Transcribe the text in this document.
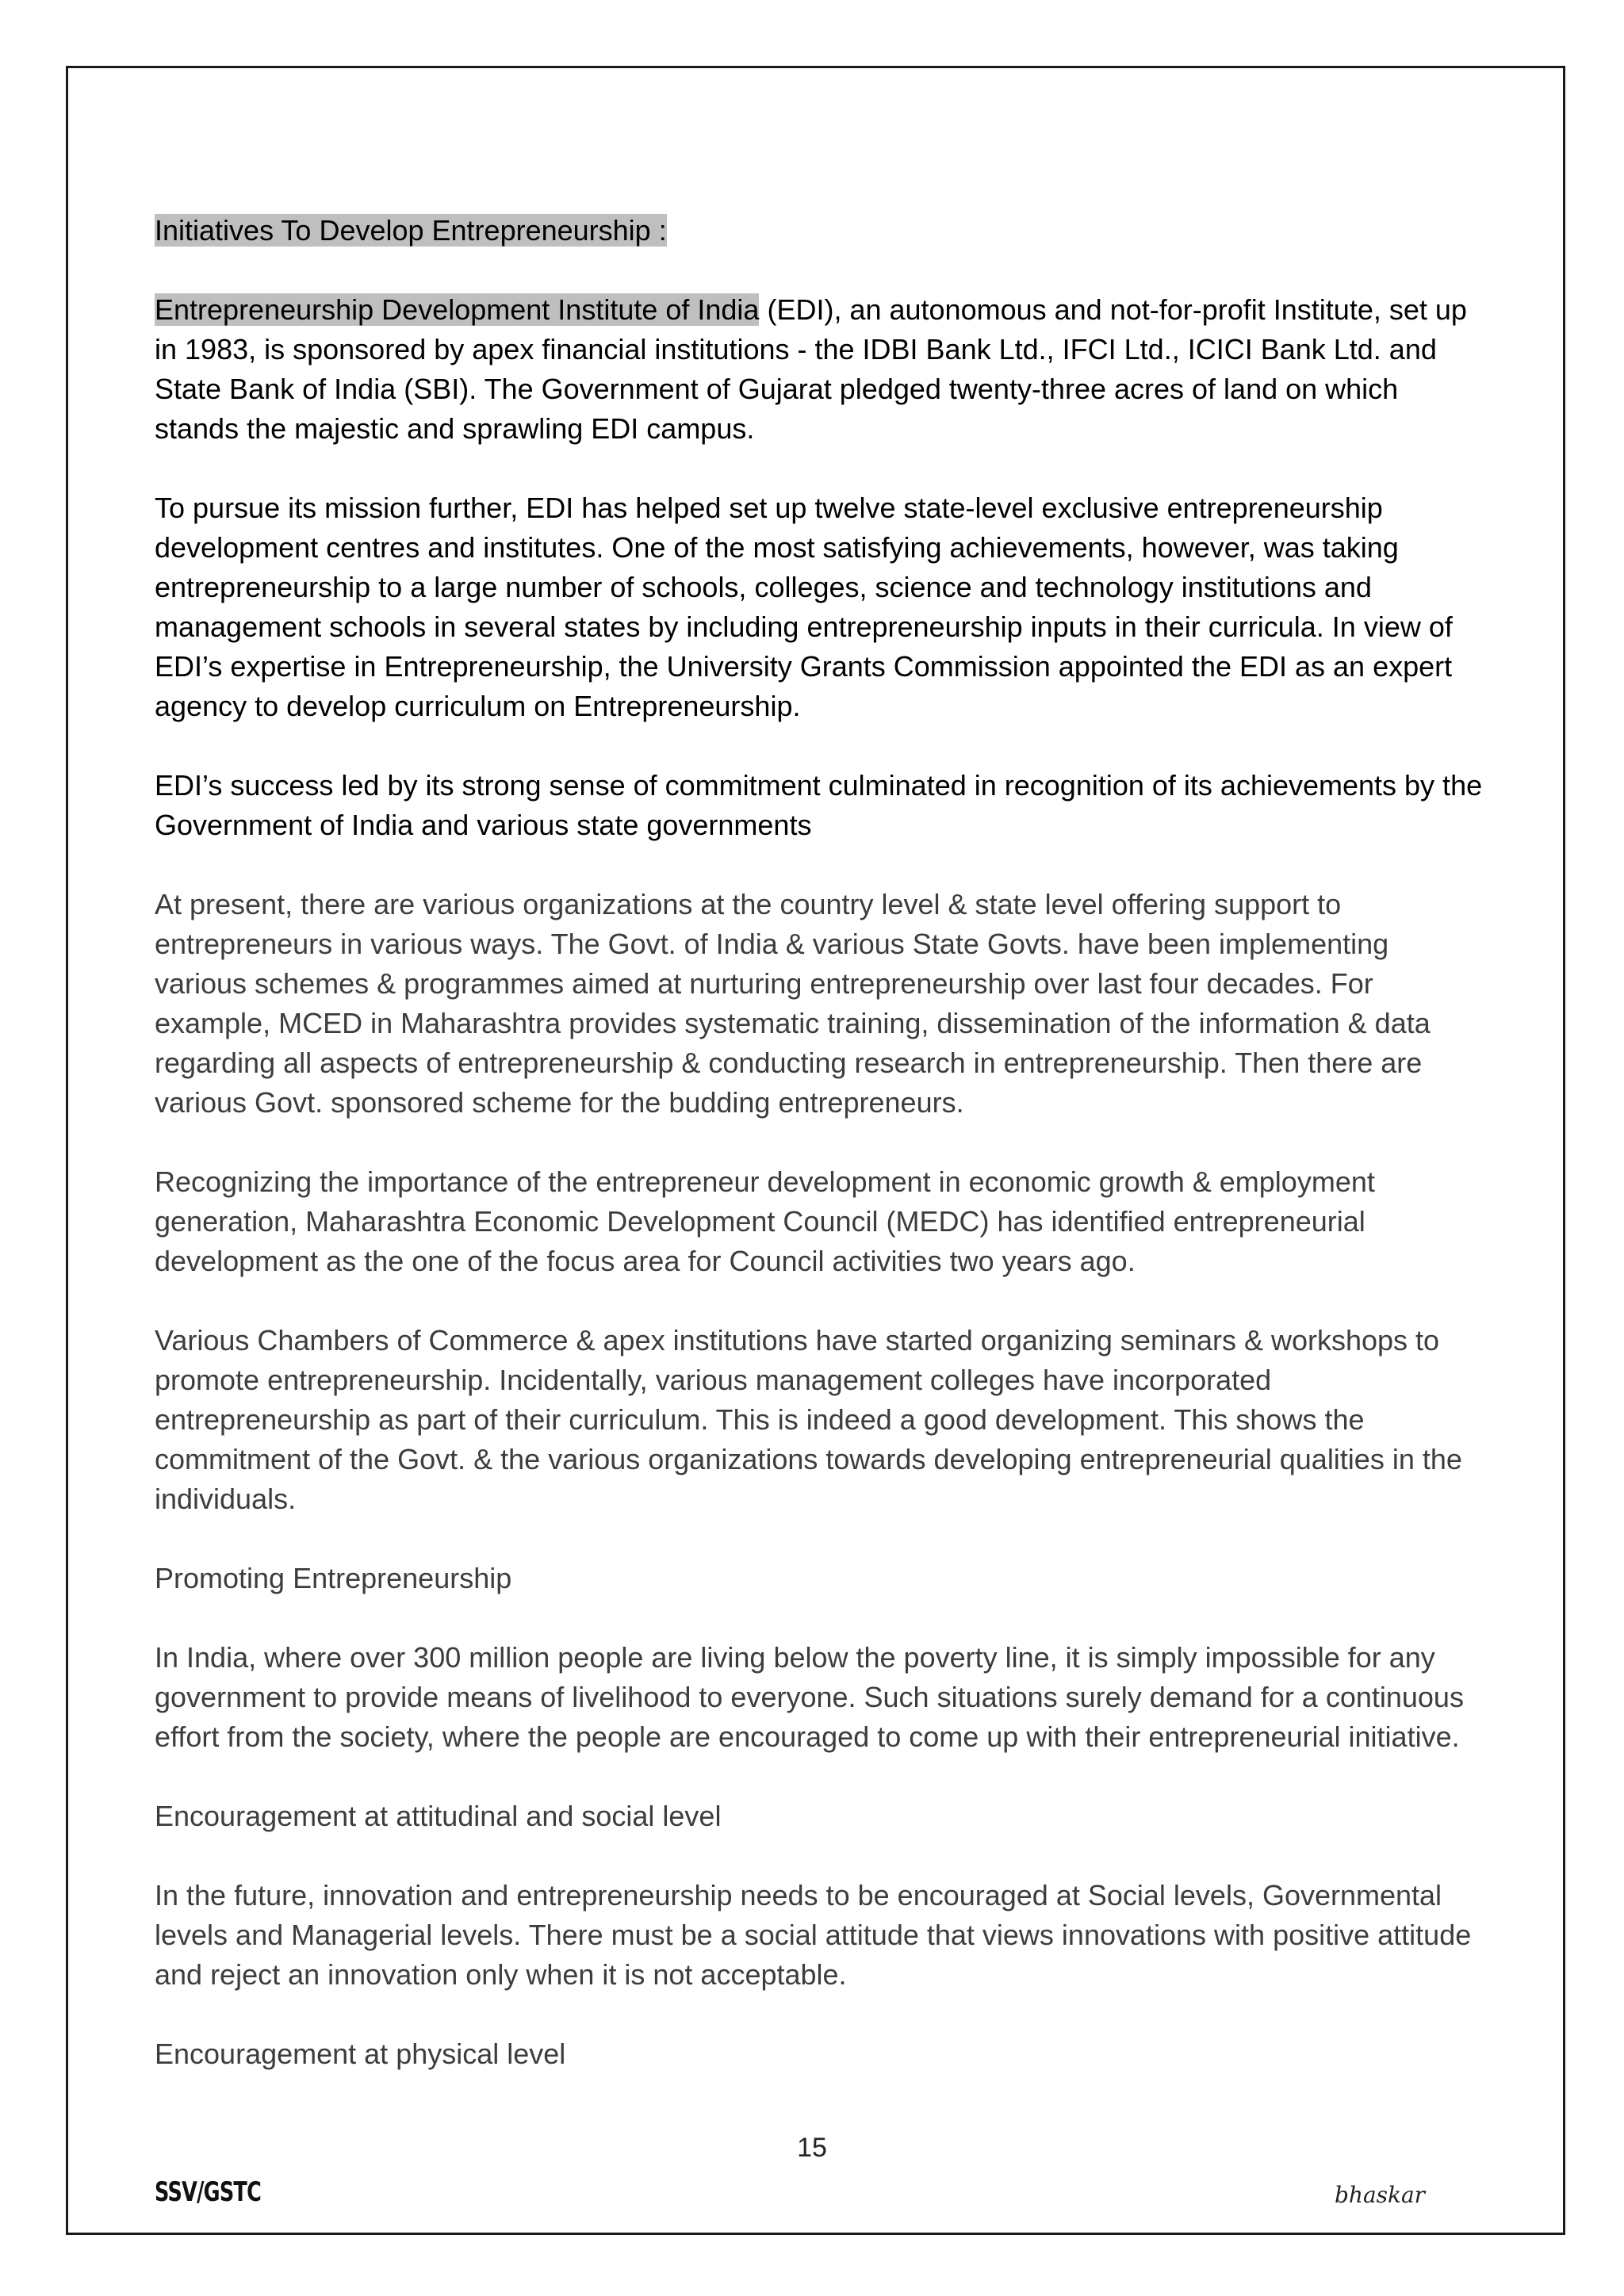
Initiatives To Develop Entrepreneurship :

Entrepreneurship Development Institute of India (EDI), an autonomous and not-for-profit Institute, set up in 1983, is sponsored by apex financial institutions - the IDBI Bank Ltd., IFCI Ltd., ICICI Bank Ltd. and State Bank of India (SBI). The Government of Gujarat pledged twenty-three acres of land on which stands the majestic and sprawling EDI campus.

To pursue its mission further, EDI has helped set up twelve state-level exclusive entrepreneurship development centres and institutes. One of the most satisfying achievements, however, was taking entrepreneurship to a large number of schools, colleges, science and technology institutions and management schools in several states by including entrepreneurship inputs in their curricula. In view of EDI’s expertise in Entrepreneurship, the University Grants Commission appointed the EDI as an expert agency to develop curriculum on Entrepreneurship.

EDI’s success led by its strong sense of commitment culminated in recognition of its achievements by the Government of India and various state governments

At present, there are various organizations at the country level & state level offering support to entrepreneurs in various ways. The Govt. of India & various State Govts. have been implementing various schemes & programmes aimed at nurturing entrepreneurship over last four decades. For example, MCED in Maharashtra provides systematic training, dissemination of the information & data regarding all aspects of entrepreneurship & conducting research in entrepreneurship. Then there are various Govt. sponsored scheme for the budding entrepreneurs.

Recognizing the importance of the entrepreneur development in economic growth & employment generation, Maharashtra Economic Development Council (MEDC) has identified entrepreneurial development as the one of the focus area for Council activities two years ago.

Various Chambers of Commerce & apex institutions have started organizing seminars & workshops to promote entrepreneurship. Incidentally, various management colleges have incorporated entrepreneurship as part of their curriculum. This is indeed a good development. This shows the commitment of the Govt. & the various organizations towards developing entrepreneurial qualities in the individuals.

Promoting Entrepreneurship

In India, where over 300 million people are living below the poverty line, it is simply impossible for any government to provide means of livelihood to everyone. Such situations surely demand for a continuous effort from the society, where the people are encouraged to come up with their entrepreneurial initiative.

Encouragement at attitudinal and social level

In the future, innovation and entrepreneurship needs to be encouraged at Social levels, Governmental levels and Managerial levels. There must be a social attitude that views innovations with positive attitude and reject an innovation only when it is not acceptable.

Encouragement at physical level

15
SSV/GSTC	bhaskar
